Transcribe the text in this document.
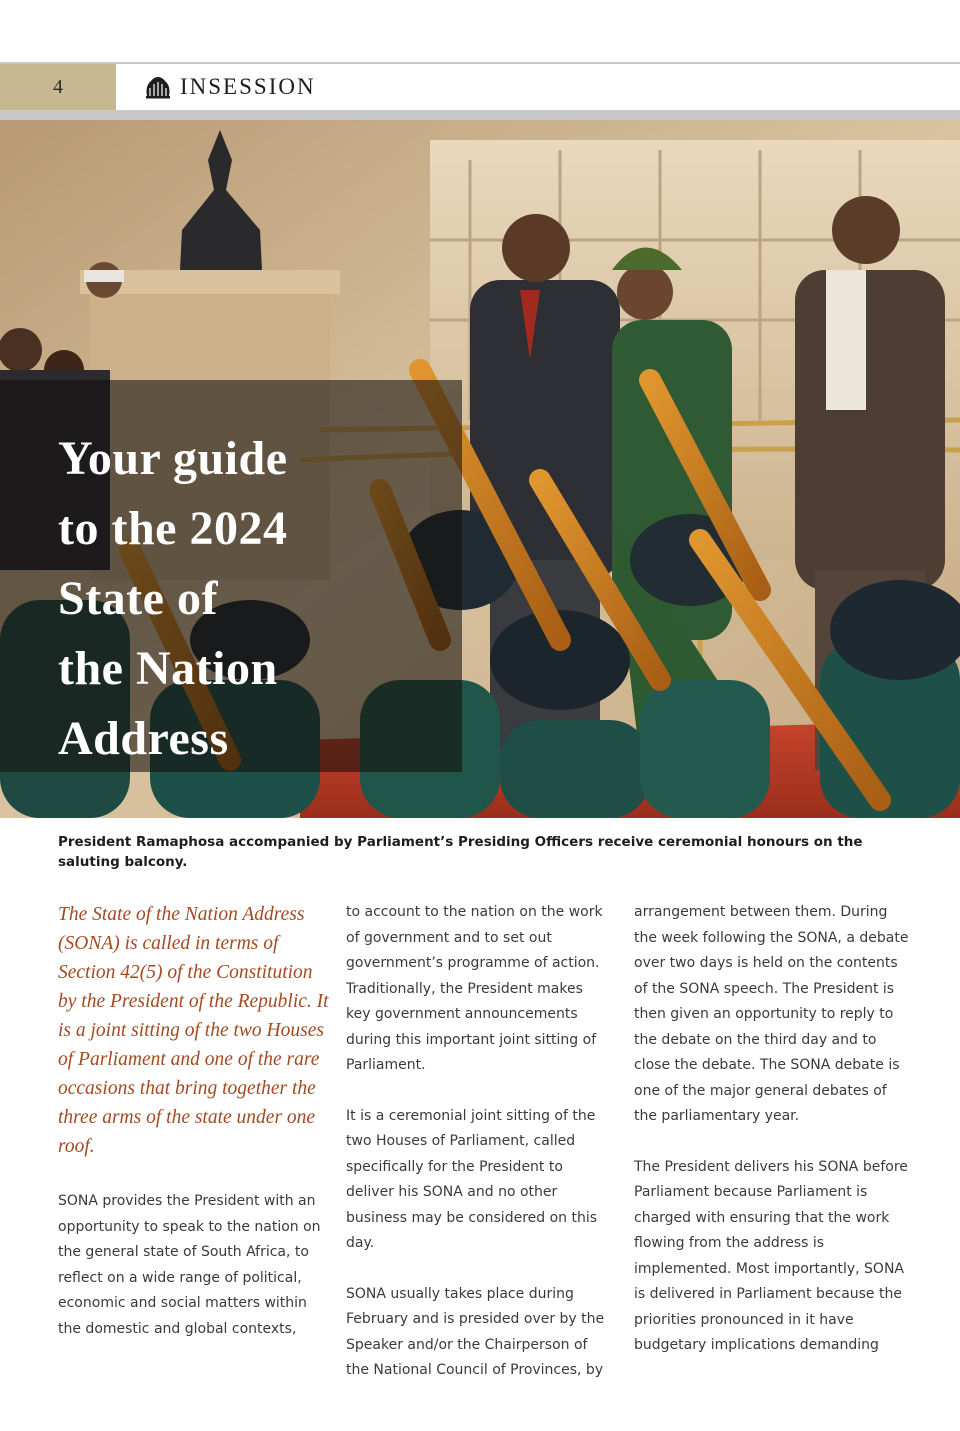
4	INSESSION
Your guide
to the 2024
State of
the Nation
Address

President Ramaphosa accompanied by Parliament’s Presiding Officers receive ceremonial honours on the saluting balcony.

The State of the Nation Address (SONA) is called in terms of Section 42(5) of the Constitution by the President of the Republic. It is a joint sitting of the two Houses of Parliament and one of the rare occasions that bring together the three arms of the state under one roof.

SONA provides the President with an opportunity to speak to the nation on the general state of South Africa, to reflect on a wide range of political, economic and social matters within the domestic and global contexts,

to account to the nation on the work of government and to set out government’s programme of action. Traditionally, the President makes key government announcements during this important joint sitting of Parliament.

It is a ceremonial joint sitting of the two Houses of Parliament, called specifically for the President to deliver his SONA and no other business may be considered on this day.

SONA usually takes place during February and is presided over by the Speaker and/or the Chairperson of the National Council of Provinces, by

arrangement between them. During the week following the SONA, a debate over two days is held on the contents of the SONA speech. The President is then given an opportunity to reply to the debate on the third day and to close the debate. The SONA debate is one of the major general debates of the parliamentary year.

The President delivers his SONA before Parliament because Parliament is charged with ensuring that the work flowing from the address is implemented. Most importantly, SONA is delivered in Parliament because the priorities pronounced in it have budgetary implications demanding
